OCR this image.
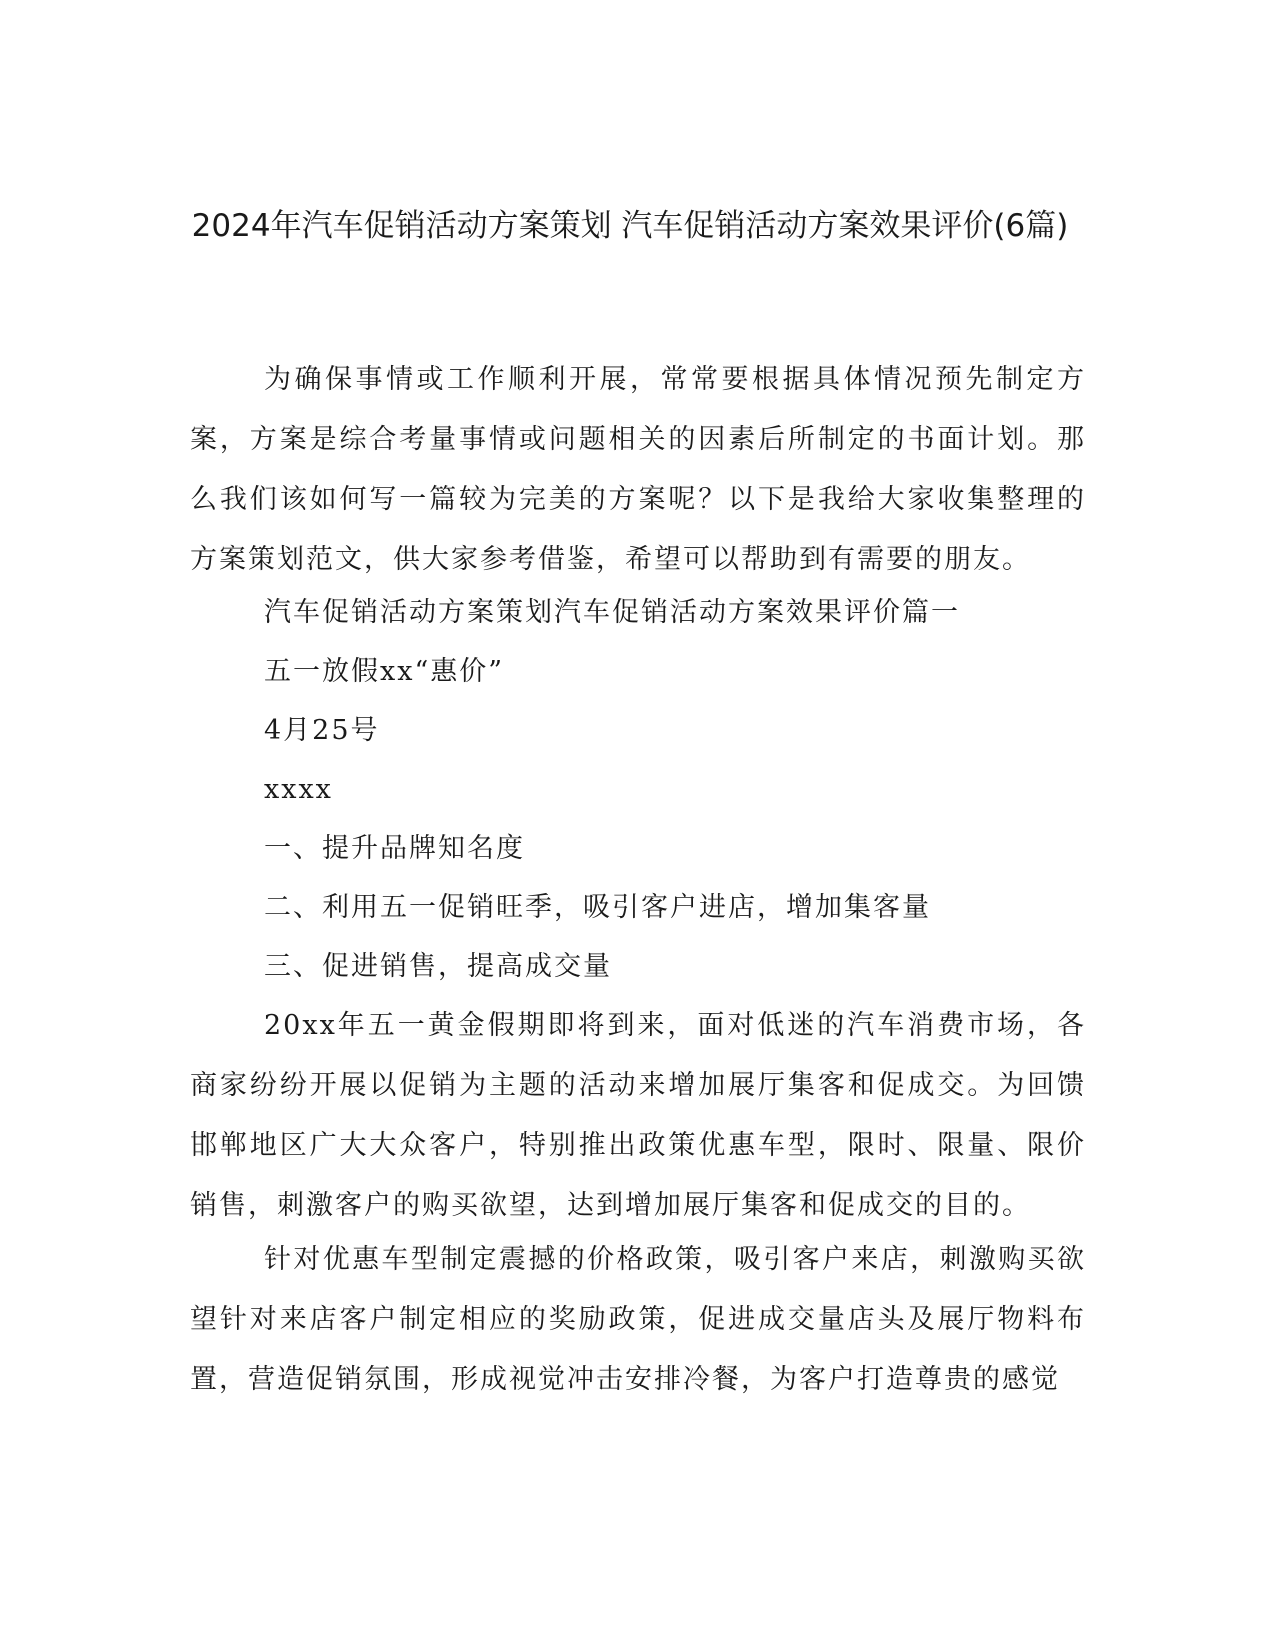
2024年汽车促销活动方案策划 汽车促销活动方案效果评价(6篇)

为确保事情或工作顺利开展，常常要根据具体情况预先制定方案，方案是综合考量事情或问题相关的因素后所制定的书面计划。那么我们该如何写一篇较为完美的方案呢？以下是我给大家收集整理的方案策划范文，供大家参考借鉴，希望可以帮助到有需要的朋友。

汽车促销活动方案策划汽车促销活动方案效果评价篇一

五一放假xx“惠价”

4月25号

xxxx

一、提升品牌知名度

二、利用五一促销旺季，吸引客户进店，增加集客量

三、促进销售，提高成交量

20xx年五一黄金假期即将到来，面对低迷的汽车消费市场，各商家纷纷开展以促销为主题的活动来增加展厅集客和促成交。为回馈邯郸地区广大大众客户，特别推出政策优惠车型，限时、限量、限价销售，刺激客户的购买欲望，达到增加展厅集客和促成交的目的。

针对优惠车型制定震撼的价格政策，吸引客户来店，刺激购买欲望针对来店客户制定相应的奖励政策，促进成交量店头及展厅物料布置，营造促销氛围，形成视觉冲击安排冷餐，为客户打造尊贵的感觉
